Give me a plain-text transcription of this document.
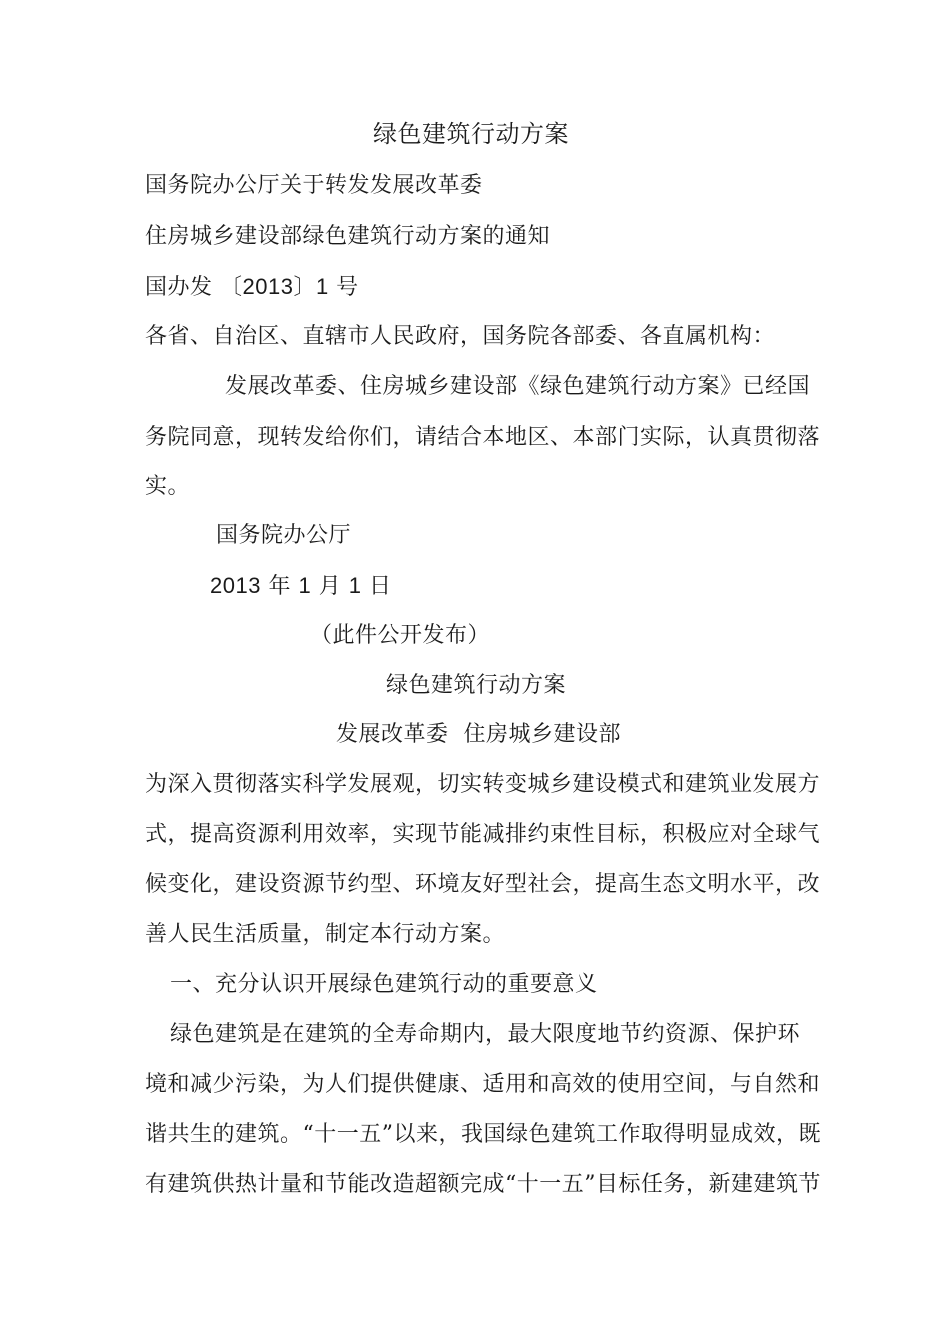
绿色建筑行动方案

国务院办公厅关于转发发展改革委

住房城乡建设部绿色建筑行动方案的通知

国办发 〔2013〕1 号

各省、自治区、直辖市人民政府，国务院各部委、各直属机构：

发展改革委、住房城乡建设部《绿色建筑行动方案》已经国

务院同意，现转发给你们，请结合本地区、本部门实际，认真贯彻落

实。

国务院办公厅

2013 年 1 月 1 日

（此件公开发布）

绿色建筑行动方案

发展改革委  住房城乡建设部

为深入贯彻落实科学发展观，切实转变城乡建设模式和建筑业发展方

式，提高资源利用效率，实现节能减排约束性目标，积极应对全球气

候变化，建设资源节约型、环境友好型社会，提高生态文明水平，改

善人民生活质量，制定本行动方案。

一、充分认识开展绿色建筑行动的重要意义

绿色建筑是在建筑的全寿命期内，最大限度地节约资源、保护环

境和减少污染，为人们提供健康、适用和高效的使用空间，与自然和

谐共生的建筑。“十一五”以来，我国绿色建筑工作取得明显成效，既

有建筑供热计量和节能改造超额完成“十一五”目标任务，新建建筑节
